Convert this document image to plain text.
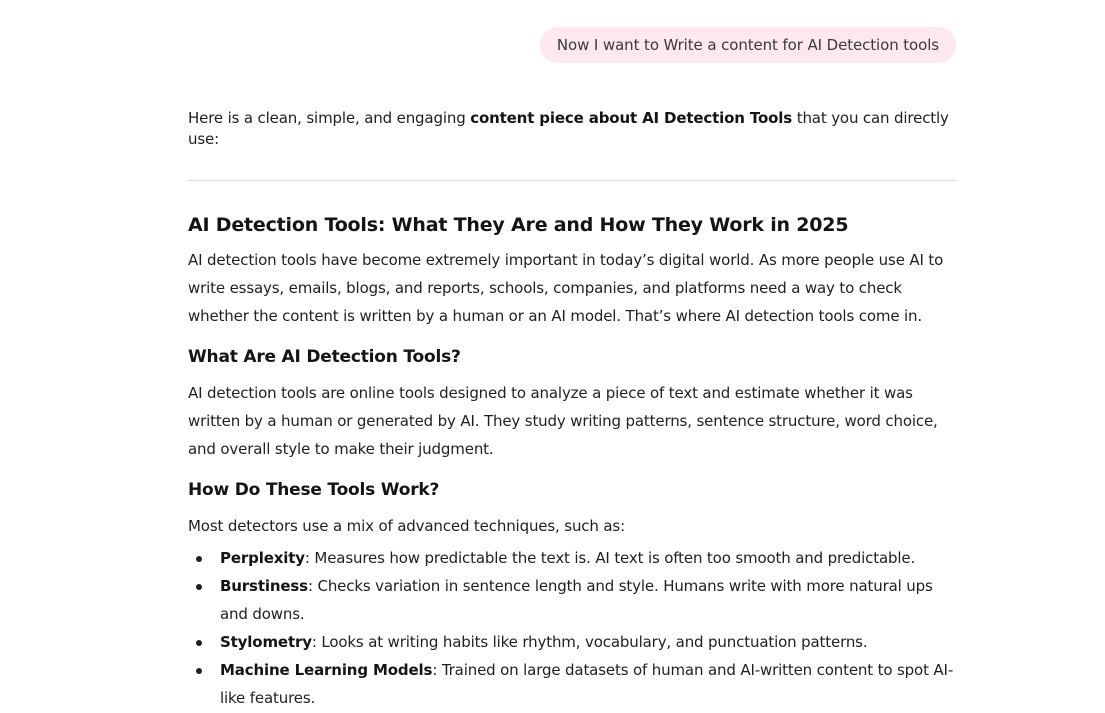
Now I want to Write a content for AI Detection tools

Here is a clean, simple, and engaging content piece about AI Detection Tools that you can directly use:

AI Detection Tools: What They Are and How They Work in 2025

AI detection tools have become extremely important in today’s digital world. As more people use AI to write essays, emails, blogs, and reports, schools, companies, and platforms need a way to check whether the content is written by a human or an AI model. That’s where AI detection tools come in.

What Are AI Detection Tools?

AI detection tools are online tools designed to analyze a piece of text and estimate whether it was written by a human or generated by AI. They study writing patterns, sentence structure, word choice, and overall style to make their judgment.

How Do These Tools Work?

Most detectors use a mix of advanced techniques, such as:

Perplexity: Measures how predictable the text is. AI text is often too smooth and predictable.
Burstiness: Checks variation in sentence length and style. Humans write with more natural ups and downs.
Stylometry: Looks at writing habits like rhythm, vocabulary, and punctuation patterns.
Machine Learning Models: Trained on large datasets of human and AI-written content to spot AI-like features.
